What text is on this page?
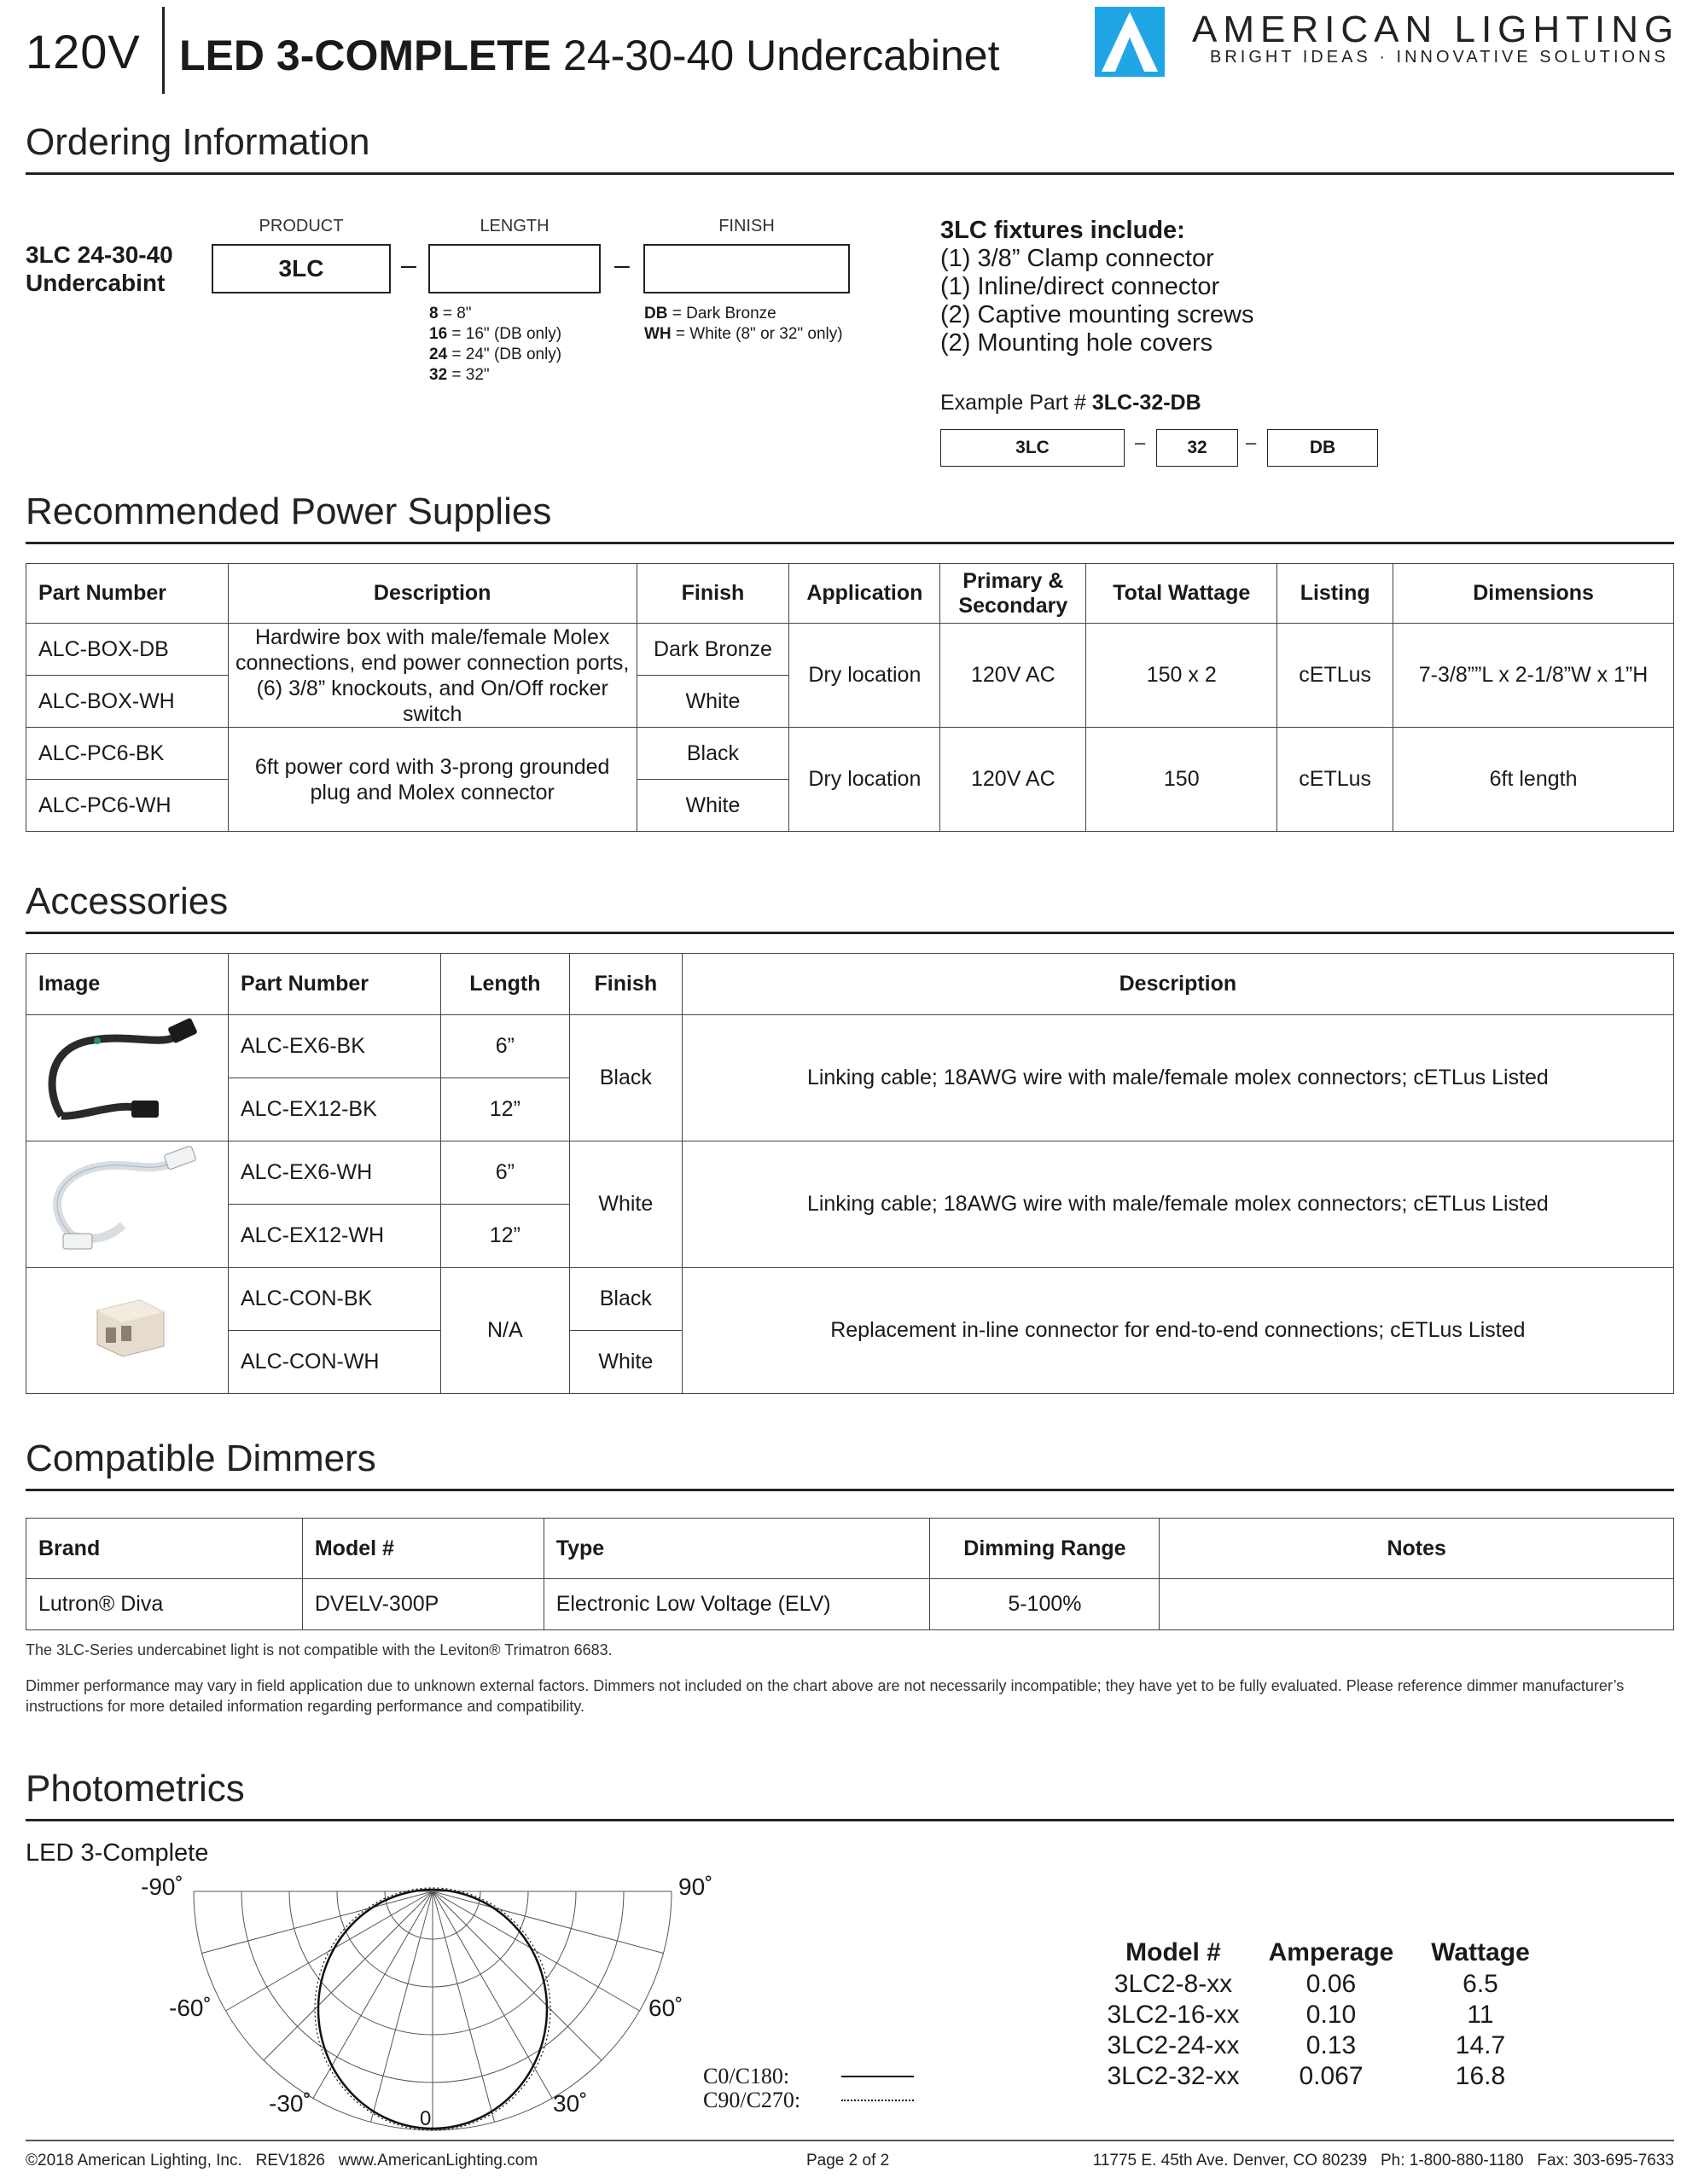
120V LED 3-COMPLETE 24-30-40 Undercabinet
AMERICAN LIGHTING
BRIGHT IDEAS · INNOVATIVE SOLUTIONS
Ordering Information
3LC 24-30-40
Undercabint
PRODUCT	LENGTH	FINISH
3LC	–	–
8 = 8"
16 = 16" (DB only)
24 = 24" (DB only)
32 = 32"
DB = Dark Bronze
WH = White (8" or 32" only)
3LC fixtures include:
(1) 3/8” Clamp connector
(1) Inline/direct connector
(2) Captive mounting screws
(2) Mounting hole covers
Example Part # 3LC-32-DB
3LC	–	32	–	DB
Recommended Power Supplies
Part Number	Description	Finish	Application	Primary & Secondary	Total Wattage	Listing	Dimensions
ALC-BOX-DB	Hardwire box with male/female Molex connections, end power connection ports, (6) 3/8” knockouts, and On/Off rocker switch	Dark Bronze	Dry location	120V AC	150 x 2	cETLus	7-3/8””L x 2-1/8”W x 1”H
ALC-BOX-WH		White					
ALC-PC6-BK	6ft power cord with 3-prong grounded plug and Molex connector	Black	Dry location	120V AC	150	cETLus	6ft length
ALC-PC6-WH		White					
Accessories
Image	Part Number	Length	Finish	Description
	ALC-EX6-BK	6”	Black	Linking cable; 18AWG wire with male/female molex connectors; cETLus Listed
	ALC-EX12-BK	12”		
	ALC-EX6-WH	6”	White	Linking cable; 18AWG wire with male/female molex connectors; cETLus Listed
	ALC-EX12-WH	12”		
	ALC-CON-BK	N/A	Black	Replacement in-line connector for end-to-end connections; cETLus Listed
	ALC-CON-WH		White	
Compatible Dimmers
Brand	Model #	Type	Dimming Range	Notes
Lutron® Diva	DVELV-300P	Electronic Low Voltage (ELV)	5-100%	
The 3LC-Series undercabinet light is not compatible with the Leviton® Trimatron 6683.
Dimmer performance may vary in field application due to unknown external factors. Dimmers not included on the chart above are not necessarily incompatible; they have yet to be fully evaluated. Please reference dimmer manufacturer’s instructions for more detailed information regarding performance and compatibility.
Photometrics
LED 3-Complete
-90˚	90˚
-60˚	60˚
-30˚	30˚
0
C0/C180:
C90/C270:
Model #	Amperage	Wattage
3LC2-8-xx	0.06	6.5
3LC2-16-xx	0.10	11
3LC2-24-xx	0.13	14.7
3LC2-32-xx	0.067	16.8
©2018 American Lighting, Inc.   REV1826   www.AmericanLighting.com	Page 2 of 2	11775 E. 45th Ave. Denver, CO 80239   Ph: 1-800-880-1180   Fax: 303-695-7633
